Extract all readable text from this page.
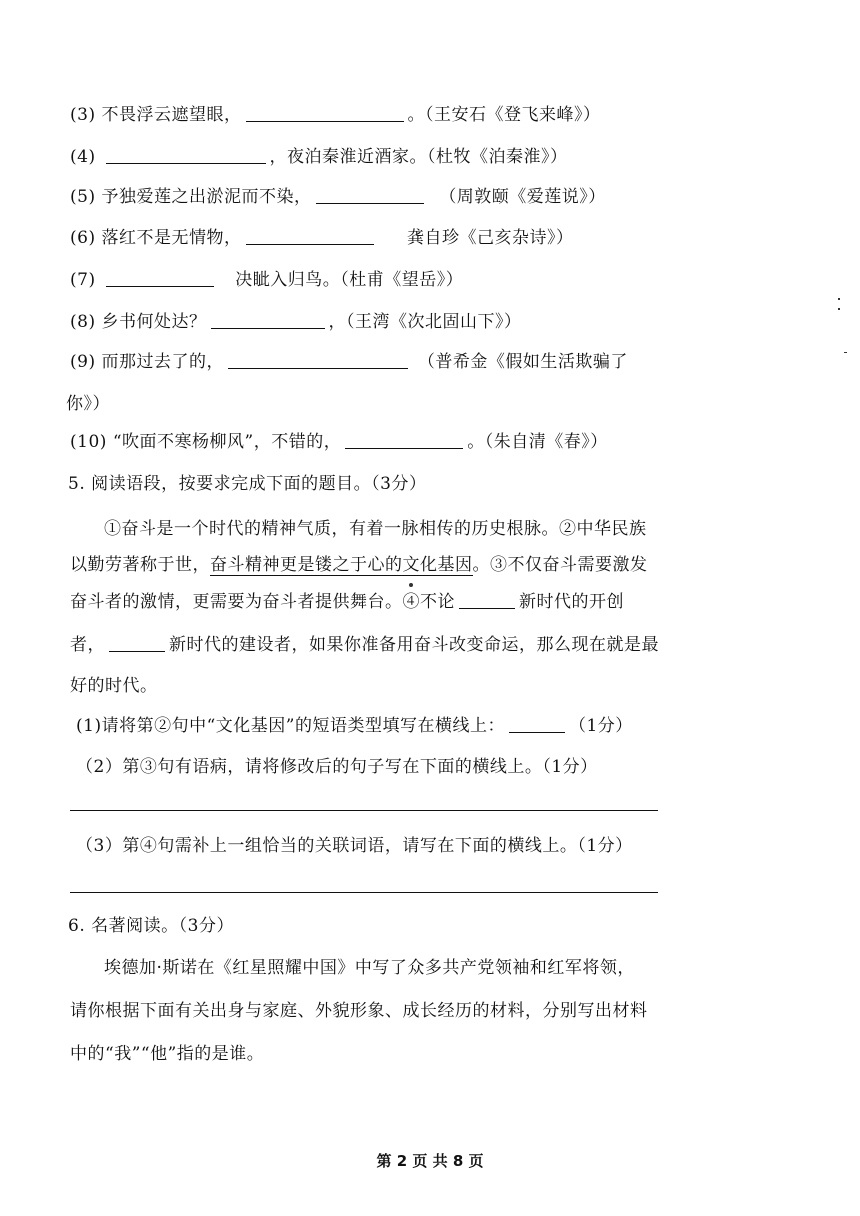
(3) 不畏浮云遮望眼，	。（王安石《登飞来峰》）
(4)	，夜泊秦淮近酒家。（杜牧《泊秦淮》）
(5) 予独爱莲之出淤泥而不染，	（周敦颐《爱莲说》）
(6) 落红不是无情物，	龚自珍《己亥杂诗》）
(7)	决眦入归鸟。（杜甫《望岳》）
(8) 乡书何处达？	，（王湾《次北固山下》）
(9) 而那过去了的，	（普希金《假如生活欺骗了
你》）
(10) “吹面不寒杨柳风”，不错的，	。（朱自清《春》）
5. 阅读语段，按要求完成下面的题目。（3分）
①奋斗是一个时代的精神气质，有着一脉相传的历史根脉。②中华民族
以勤劳著称于世，奋斗精神更是镂之于心的文化基因。③不仅奋斗需要激发
奋斗者的激情，更需要为奋斗者提供舞台。④不论	新时代的开创
者，	新时代的建设者，如果你准备用奋斗改变命运，那么现在就是最
好的时代。
(1)请将第②句中“文化基因”的短语类型填写在横线上：	（1分）
（2）第③句有语病，请将修改后的句子写在下面的横线上。（1分）
（3）第④句需补上一组恰当的关联词语，请写在下面的横线上。（1分）
6. 名著阅读。（3分）
埃德加·斯诺在《红星照耀中国》中写了众多共产党领袖和红军将领，
请你根据下面有关出身与家庭、外貌形象、成长经历的材料，分别写出材料
中的“我”“他”指的是谁。
第 2 页 共 8 页
